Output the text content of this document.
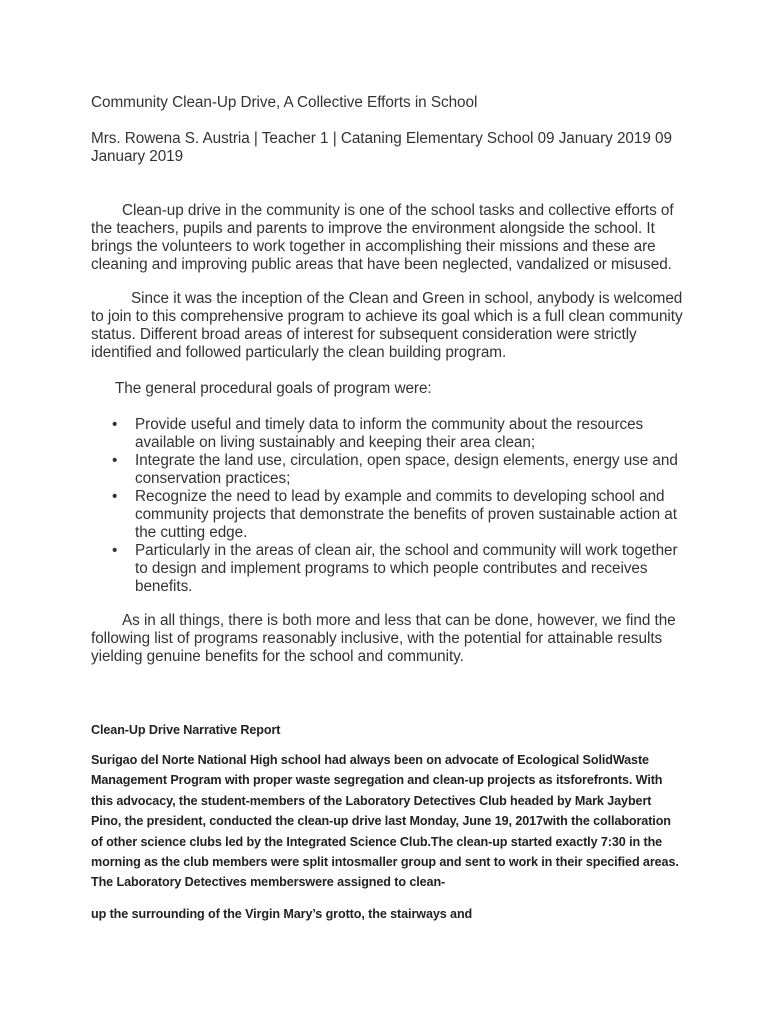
Community Clean-Up Drive, A Collective Efforts in School

Mrs. Rowena S. Austria | Teacher 1 | Cataning Elementary School 09 January 2019 09 January 2019

Clean-up drive in the community is one of the school tasks and collective efforts of the teachers, pupils and parents to improve the environment alongside the school. It brings the volunteers to work together in accomplishing their missions and these are cleaning and improving public areas that have been neglected, vandalized or misused.

Since it was the inception of the Clean and Green in school, anybody is welcomed to join to this comprehensive program to achieve its goal which is a full clean community status. Different broad areas of interest for subsequent consideration were strictly identified and followed particularly the clean building program.

The general procedural goals of program were:

• Provide useful and timely data to inform the community about the resources available on living sustainably and keeping their area clean;
• Integrate the land use, circulation, open space, design elements, energy use and conservation practices;
• Recognize the need to lead by example and commits to developing school and community projects that demonstrate the benefits of proven sustainable action at the cutting edge.
• Particularly in the areas of clean air, the school and community will work together to design and implement programs to which people contributes and receives benefits.

As in all things, there is both more and less that can be done, however, we find the following list of programs reasonably inclusive, with the potential for attainable results yielding genuine benefits for the school and community.

Clean-Up Drive Narrative Report

Surigao del Norte National High school had always been on advocate of Ecological SolidWaste Management Program with proper waste segregation and clean-up projects as itsforefronts. With this advocacy, the student-members of the Laboratory Detectives Club headed by Mark Jaybert Pino, the president, conducted the clean-up drive last Monday, June 19, 2017with the collaboration of other science clubs led by the Integrated Science Club.The clean-up started exactly 7:30 in the morning as the club members were split intosmaller group and sent to work in their specified areas. The Laboratory Detectives memberswere assigned to clean-

up the surrounding of the Virgin Mary’s grotto, the stairways and
